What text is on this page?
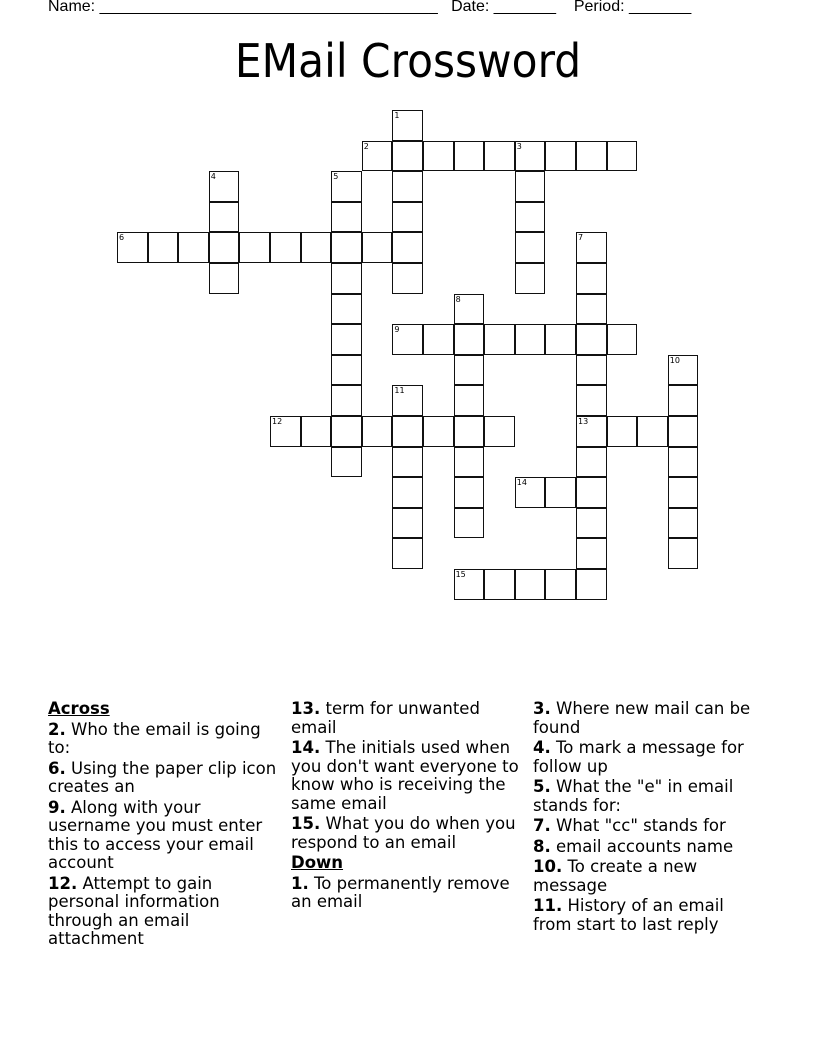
Name: ______________________________________ Date: _______ Period: _______
EMail Crossword
1
2	3
4	5
6	7
13
8
9
10
11
12
14
15
Across
2. Who the email is going to:
6. Using the paper clip icon creates an
9. Along with your username you must enter this to access your email account
12. Attempt to gain personal information through an email attachment
13. term for unwanted email
14. The initials used when you don't want everyone to know who is receiving the same email
15. What you do when you respond to an email
Down
1. To permanently remove an email
3. Where new mail can be found
4. To mark a message for follow up
5. What the "e" in email stands for:
7. What "cc" stands for
8. email accounts name
10. To create a new message
11. History of an email from start to last reply
